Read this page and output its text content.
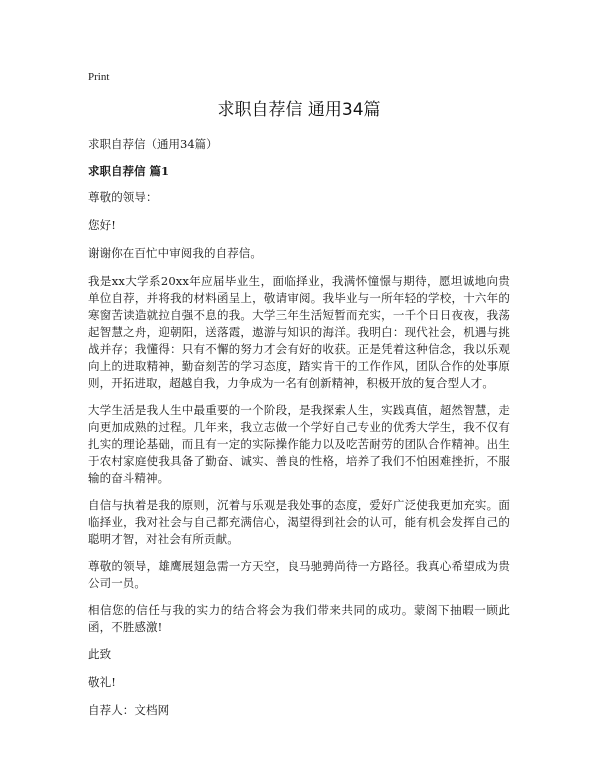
Print
求职自荐信 通用34篇
求职自荐信（通用34篇）
求职自荐信 篇1

尊敬的领导：

您好!

谢谢你在百忙中审阅我的自荐信。

我是xx大学系20xx年应届毕业生，面临择业，我满怀憧憬与期待，愿坦诚地向贵单位自荐，并将我的材料函呈上，敬请审阅。我毕业与一所年轻的学校，十六年的寒窗苦读造就拉自强不息的我。大学三年生活短暂而充实，一千个日日夜夜，我荡起智慧之舟，迎朝阳，送落霞，遨游与知识的海洋。我明白：现代社会，机遇与挑战并存；我懂得：只有不懈的努力才会有好的收获。正是凭着这种信念，我以乐观向上的进取精神，勤奋刻苦的学习态度，踏实肯干的工作作风，团队合作的处事原则，开拓进取，超越自我，力争成为一名有创新精神，积极开放的复合型人才。

大学生活是我人生中最重要的一个阶段，是我探索人生，实践真值，超然智慧，走向更加成熟的过程。几年来，我立志做一个学好自己专业的优秀大学生，我不仅有扎实的理论基础，而且有一定的实际操作能力以及吃苦耐劳的团队合作精神。出生于农村家庭使我具备了勤奋、诚实、善良的性格，培养了我们不怕困难挫折，不服输的奋斗精神。

自信与执着是我的原则，沉着与乐观是我处事的态度，爱好广泛使我更加充实。面临择业，我对社会与自己都充满信心，渴望得到社会的认可，能有机会发挥自己的聪明才智，对社会有所贡献。

尊敬的领导，雄鹰展翅急需一方天空，良马驰骋尚待一方路径。我真心希望成为贵公司一员。

相信您的信任与我的实力的结合将会为我们带来共同的成功。蒙阁下抽暇一顾此函，不胜感激!

此致

敬礼!

自荐人：文档网
